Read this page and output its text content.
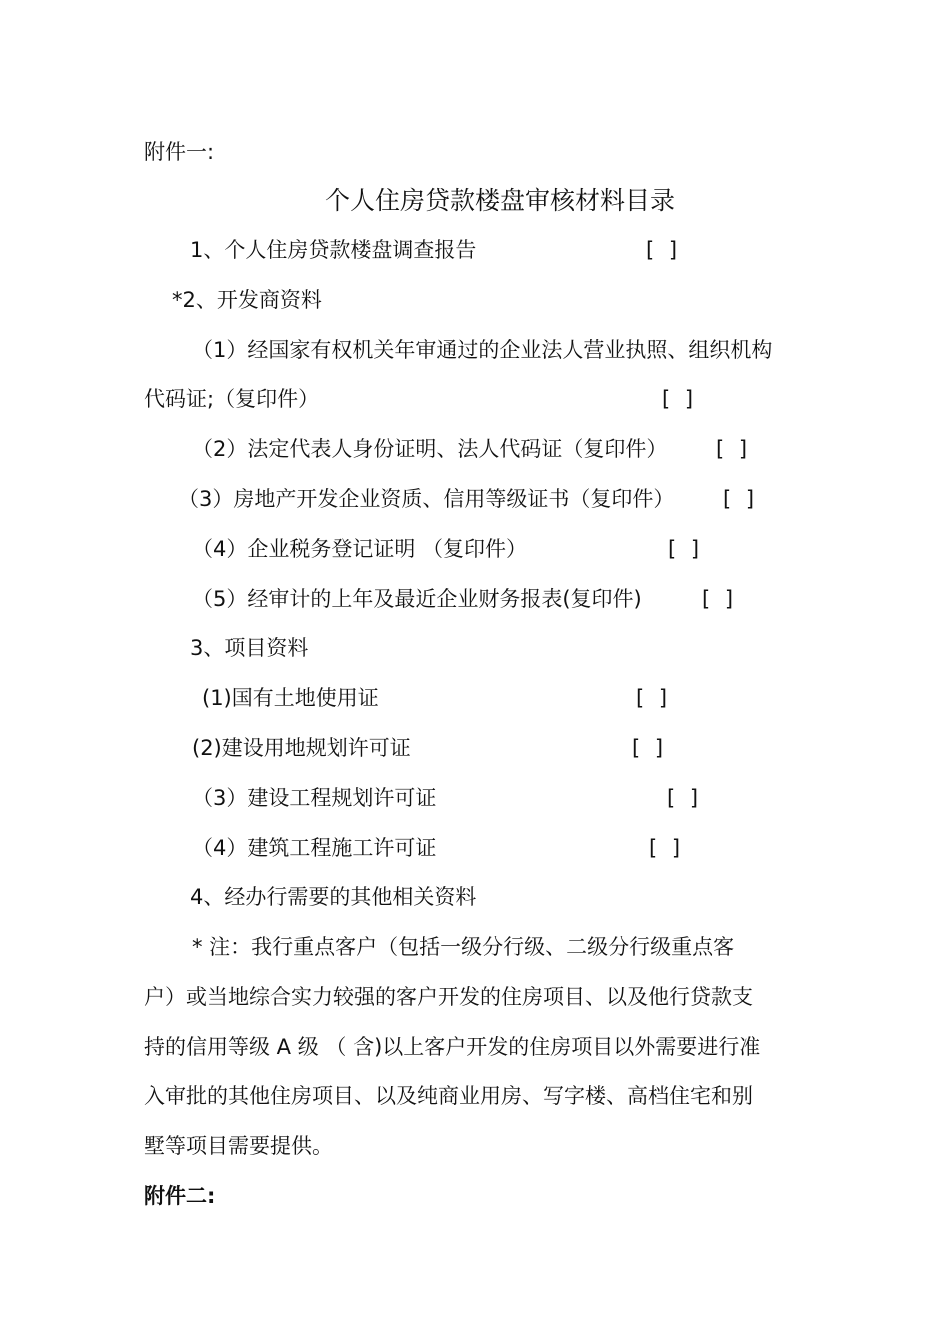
附件一:
个人住房贷款楼盘审核材料目录
1、个人住房贷款楼盘调查报告	[ ]
*2、开发商资料
（1）经国家有权机关年审通过的企业法人营业执照、组织机构
代码证;（复印件）	[ ]
（2）法定代表人身份证明、法人代码证（复印件） [ ]
（3）房地产开发企业资质、信用等级证书（复印件） [ ]
（4）企业税务登记证明 （复印件）	[ ]
（5）经审计的上年及最近企业财务报表(复印件)	[ ]
3、项目资料
(1)国有土地使用证	[ ]
(2)建设用地规划许可证	[ ]
（3）建设工程规划许可证	[ ]
（4）建筑工程施工许可证	[ ]
4、经办行需要的其他相关资料
* 注：我行重点客户（包括一级分行级、二级分行级重点客
户）或当地综合实力较强的客户开发的住房项目、以及他行贷款支
持的信用等级 A 级 （ 含)以上客户开发的住房项目以外需要进行准
入审批的其他住房项目、以及纯商业用房、写字楼、高档住宅和别
墅等项目需要提供。
附件二:
